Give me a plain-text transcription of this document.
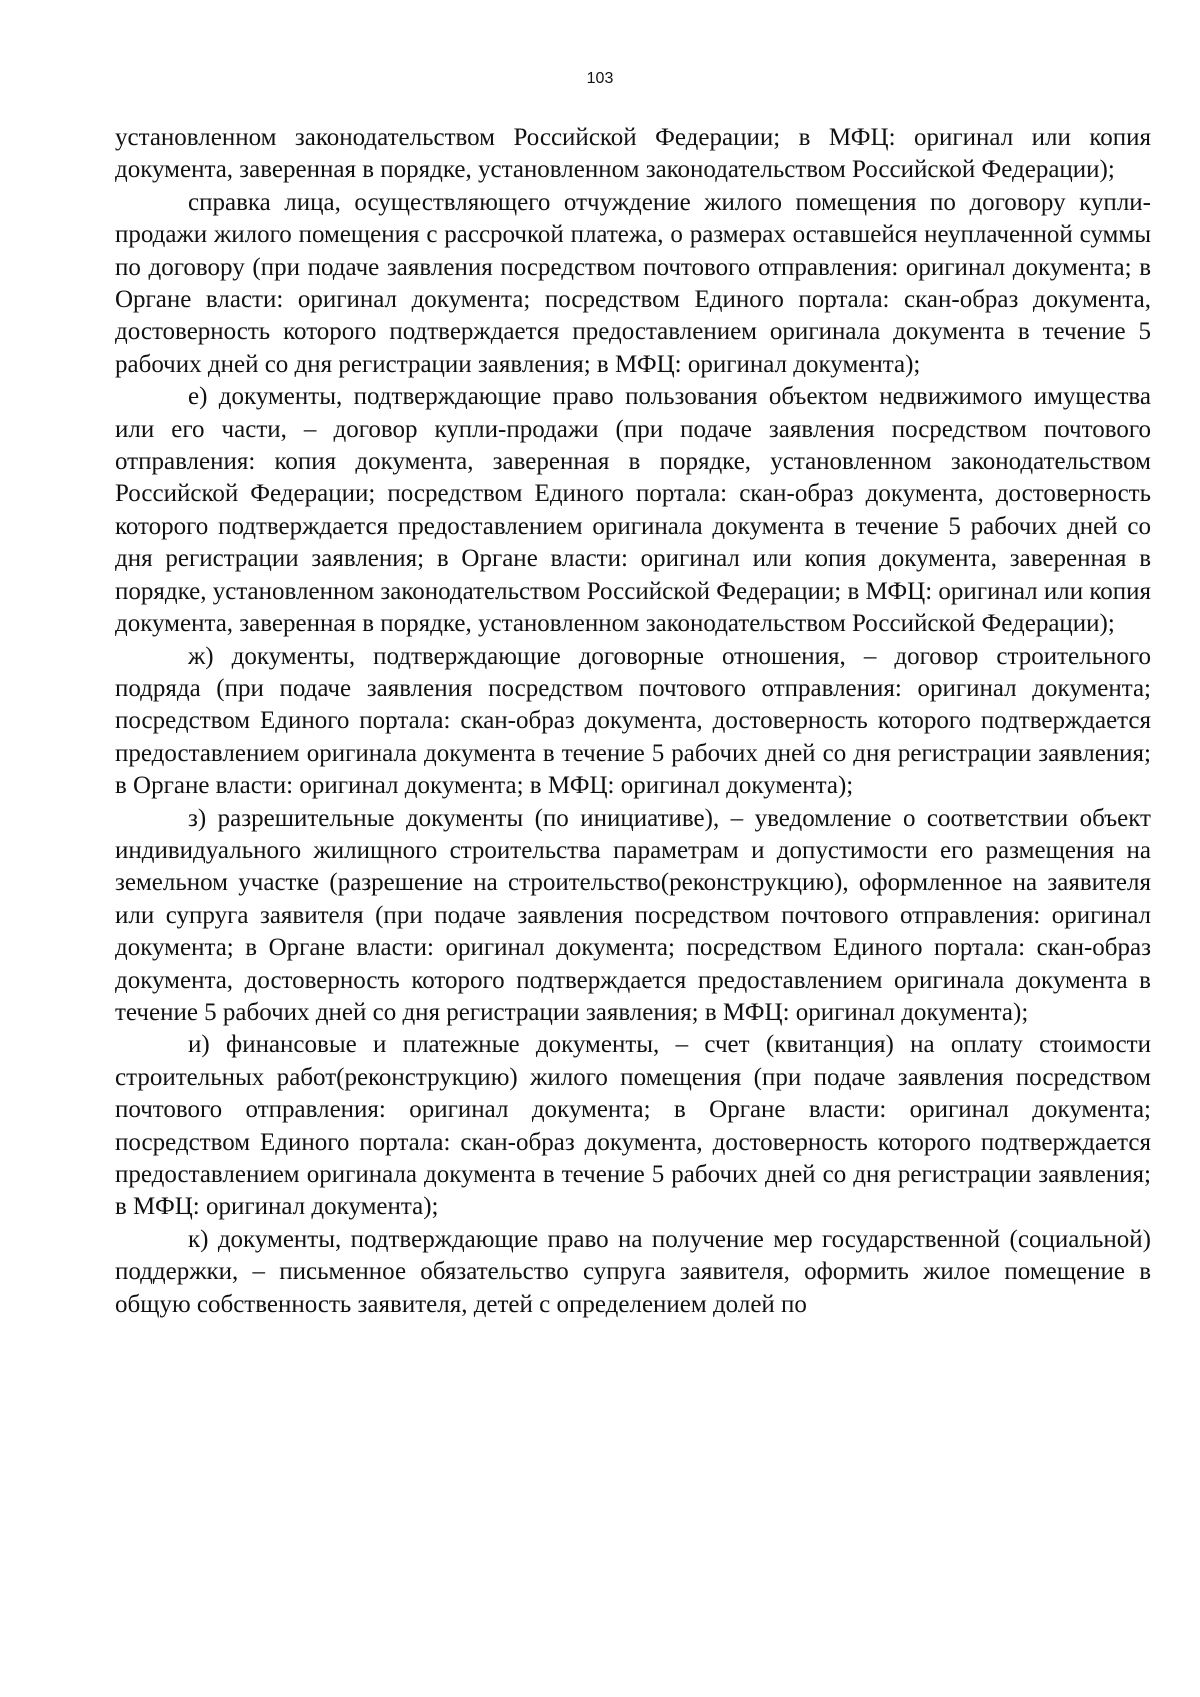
103

установленном законодательством Российской Федерации; в МФЦ: оригинал или копия документа, заверенная в порядке, установленном законодательством Российской Федерации);

справка лица, осуществляющего отчуждение жилого помещения по договору купли-продажи жилого помещения с рассрочкой платежа, о размерах оставшейся неуплаченной суммы по договору (при подаче заявления посредством почтового отправления: оригинал документа; в Органе власти: оригинал документа; посредством Единого портала: скан-образ документа, достоверность которого подтверждается предоставлением оригинала документа в течение 5 рабочих дней со дня регистрации заявления; в МФЦ: оригинал документа);

е) документы, подтверждающие право пользования объектом недвижимого имущества или его части, – договор купли-продажи (при подаче заявления посредством почтового отправления: копия документа, заверенная в порядке, установленном законодательством Российской Федерации; посредством Единого портала: скан-образ документа, достоверность которого подтверждается предоставлением оригинала документа в течение 5 рабочих дней со дня регистрации заявления; в Органе власти: оригинал или копия документа, заверенная в порядке, установленном законодательством Российской Федерации; в МФЦ: оригинал или копия документа, заверенная в порядке, установленном законодательством Российской Федерации);

ж) документы, подтверждающие договорные отношения, – договор строительного подряда (при подаче заявления посредством почтового отправления: оригинал документа; посредством Единого портала: скан-образ документа, достоверность которого подтверждается предоставлением оригинала документа в течение 5 рабочих дней со дня регистрации заявления; в Органе власти: оригинал документа; в МФЦ: оригинал документа);

з) разрешительные документы (по инициативе), – уведомление о соответствии объект индивидуального жилищного строительства параметрам и допустимости его размещения на земельном участке (разрешение на строительство(реконструкцию), оформленное на заявителя или супруга заявителя (при подаче заявления посредством почтового отправления: оригинал документа; в Органе власти: оригинал документа; посредством Единого портала: скан-образ документа, достоверность которого подтверждается предоставлением оригинала документа в течение 5 рабочих дней со дня регистрации заявления; в МФЦ: оригинал документа);

и) финансовые и платежные документы, – счет (квитанция) на оплату стоимости строительных работ(реконструкцию) жилого помещения (при подаче заявления посредством почтового отправления: оригинал документа; в Органе власти: оригинал документа; посредством Единого портала: скан-образ документа, достоверность которого подтверждается предоставлением оригинала документа в течение 5 рабочих дней со дня регистрации заявления; в МФЦ: оригинал документа);

к) документы, подтверждающие право на получение мер государственной (социальной) поддержки, – письменное обязательство супруга заявителя, оформить жилое помещение в общую собственность заявителя, детей с определением долей по
